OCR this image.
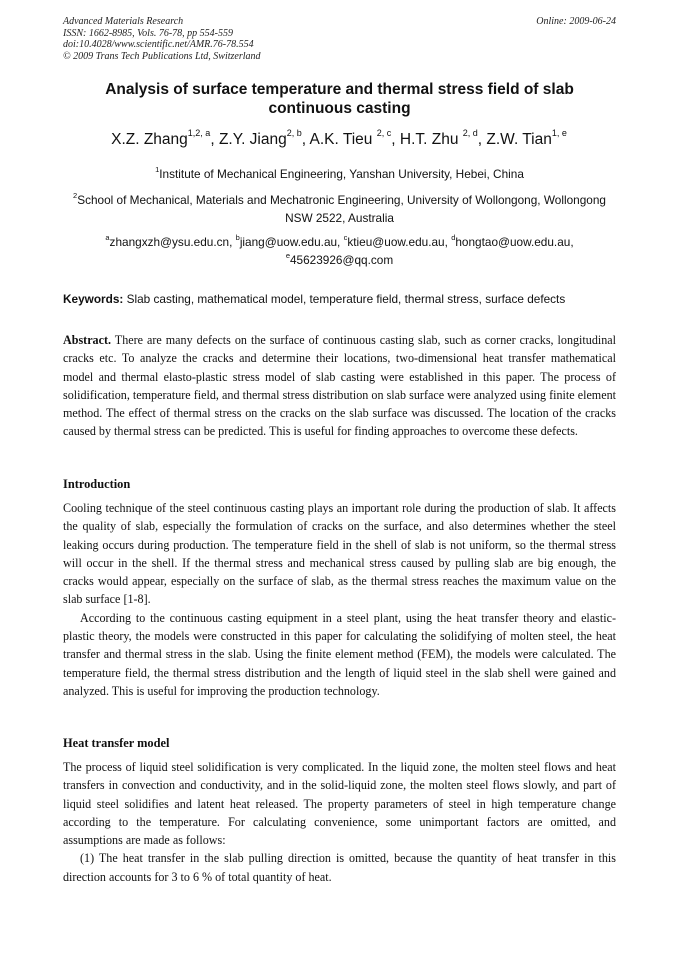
Advanced Materials Research
ISSN: 1662-8985, Vols. 76-78, pp 554-559
doi:10.4028/www.scientific.net/AMR.76-78.554
© 2009 Trans Tech Publications Ltd, Switzerland
Online: 2009-06-24
Analysis of surface temperature and thermal stress field of slab continuous casting
X.Z. Zhang$^{1,2, a}$, Z.Y. Jiang$^{2, b}$, A.K. Tieu $^{2, c}$, H.T. Zhu $^{2, d}$, Z.W. Tian$^{1, e}$
$^1$Institute of Mechanical Engineering, Yanshan University, Hebei, China
$^2$School of Mechanical, Materials and Mechatronic Engineering, University of Wollongong, Wollongong NSW 2522, Australia
$^a$zhangxzh@ysu.edu.cn, $^b$jiang@uow.edu.au, $^c$ktieu@uow.edu.au, $^d$hongtao@uow.edu.au,
$^e$45623926@qq.com
Keywords: Slab casting, mathematical model, temperature field, thermal stress, surface defects
Abstract. There are many defects on the surface of continuous casting slab, such as corner cracks, longitudinal cracks etc. To analyze the cracks and determine their locations, two-dimensional heat transfer mathematical model and thermal elasto-plastic stress model of slab casting were established in this paper. The process of solidification, temperature field, and thermal stress distribution on slab surface were analyzed using finite element method. The effect of thermal stress on the cracks on the slab surface was discussed. The location of the cracks caused by thermal stress can be predicted. This is useful for finding approaches to overcome these defects.
Introduction

Cooling technique of the steel continuous casting plays an important role during the production of slab. It affects the quality of slab, especially the formulation of cracks on the surface, and also determines whether the steel leaking occurs during production. The temperature field in the shell of slab is not uniform, so the thermal stress will occur in the shell. If the thermal stress and mechanical stress caused by pulling slab are big enough, the cracks would appear, especially on the surface of slab, as the thermal stress reaches the maximum value on the slab surface [1-8].

According to the continuous casting equipment in a steel plant, using the heat transfer theory and elastic-plastic theory, the models were constructed in this paper for calculating the solidifying of molten steel, the heat transfer and thermal stress in the slab. Using the finite element method (FEM), the models were calculated. The temperature field, the thermal stress distribution and the length of liquid steel in the slab shell were gained and analyzed. This is useful for improving the production technology.

Heat transfer model

The process of liquid steel solidification is very complicated. In the liquid zone, the molten steel flows and heat transfers in convection and conductivity, and in the solid-liquid zone, the molten steel flows slowly, and part of liquid steel solidifies and latent heat released. The property parameters of steel in high temperature change according to the temperature. For calculating convenience, some unimportant factors are omitted, and assumptions are made as follows:

(1) The heat transfer in the slab pulling direction is omitted, because the quantity of heat transfer in this direction accounts for 3 to 6 % of total quantity of heat.
